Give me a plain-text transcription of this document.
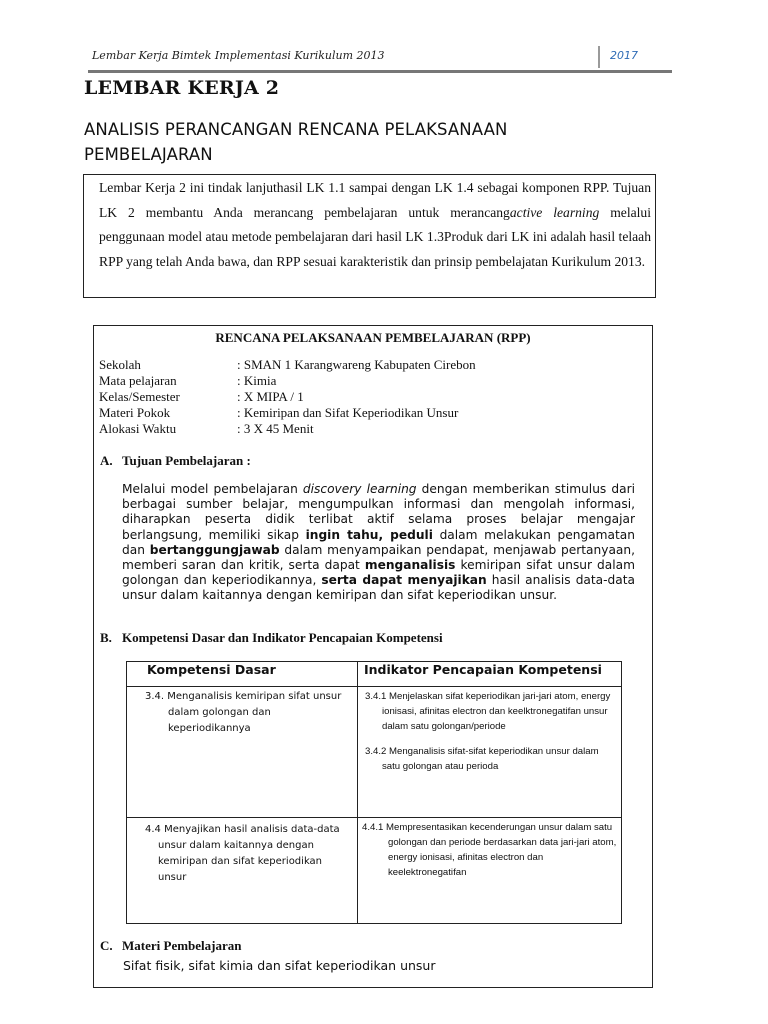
Lembar Kerja Bimtek Implementasi Kurikulum 2013	2017
LEMBAR KERJA 2
ANALISIS PERANCANGAN RENCANA PELAKSANAAN
PEMBELAJARAN
Lembar Kerja 2 ini tindak lanjuthasil LK 1.1 sampai dengan LK 1.4 sebagai komponen RPP. Tujuan LK 2 membantu Anda merancang pembelajaran untuk merancangactive learning melalui penggunaan model atau metode pembelajaran dari hasil LK 1.3Produk dari LK ini adalah hasil telaah RPP yang telah Anda bawa, dan RPP sesuai karakteristik dan prinsip pembelajatan Kurikulum 2013.
RENCANA PELAKSANAAN PEMBELAJARAN (RPP)
Sekolah	: SMAN 1 Karangwareng Kabupaten Cirebon
Mata pelajaran	: Kimia
Kelas/Semester	: X MIPA / 1
Materi Pokok	: Kemiripan dan Sifat Keperiodikan Unsur
Alokasi Waktu	: 3 X 45 Menit
A. Tujuan Pembelajaran :
Melalui model pembelajaran discovery learning dengan memberikan stimulus dari berbagai sumber belajar, mengumpulkan informasi dan mengolah informasi, diharapkan peserta didik terlibat aktif selama proses belajar mengajar berlangsung, memiliki sikap ingin tahu, peduli dalam melakukan pengamatan dan bertanggungjawab dalam menyampaikan pendapat, menjawab pertanyaan, memberi saran dan kritik, serta dapat menganalisis kemiripan sifat unsur dalam golongan dan keperiodikannya, serta dapat menyajikan hasil analisis data-data unsur dalam kaitannya dengan kemiripan dan sifat keperiodikan unsur.
B. Kompetensi Dasar dan Indikator Pencapaian Kompetensi
Kompetensi Dasar	Indikator Pencapaian Kompetensi

3.4. Menganalisis kemiripan sifat unsur dalam golongan dan keperiodikannya	3.4.1 Menjelaskan sifat keperiodikan jari-jari atom, energy ionisasi, afinitas electron dan keelktronegatifan unsur dalam satu golongan/periode
3.4.2 Menganalisis sifat-sifat keperiodikan unsur dalam satu golongan atau perioda

4.4 Menyajikan hasil analisis data-data unsur dalam kaitannya dengan kemiripan dan sifat keperiodikan unsur	4.4.1 Mempresentasikan kecenderungan unsur dalam satu golongan dan periode berdasarkan data jari-jari atom, energy ionisasi, afinitas electron dan keelektronegatifan
C. Materi Pembelajaran
Sifat fisik, sifat kimia dan sifat keperiodikan unsur
